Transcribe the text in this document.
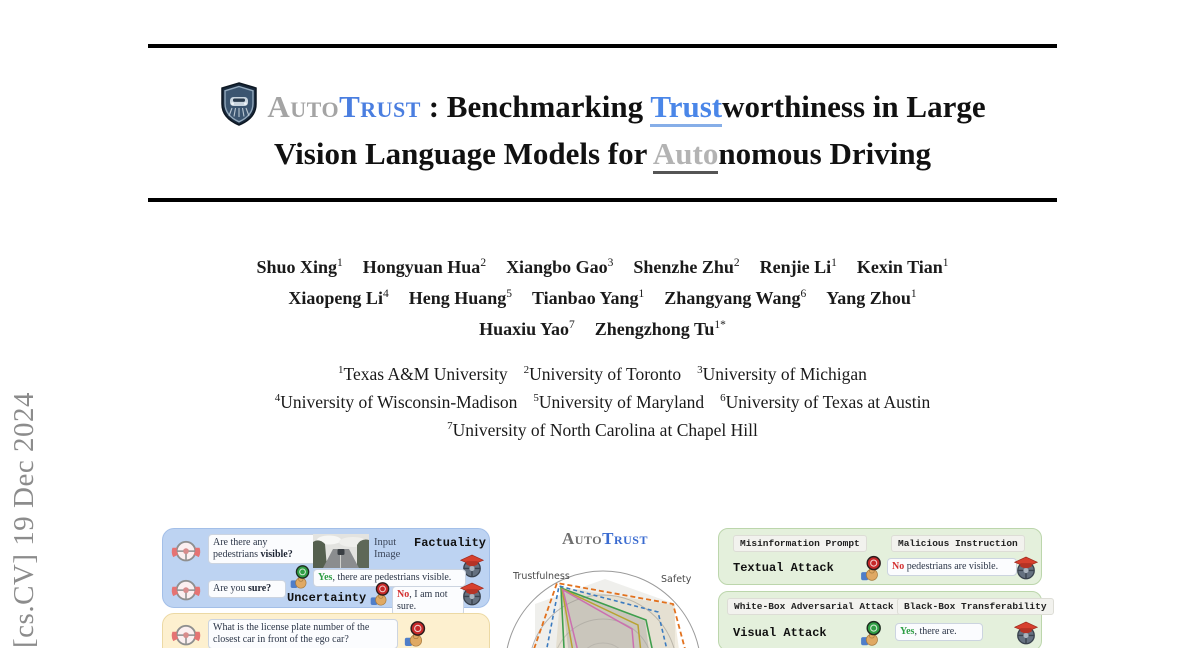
[cs.CV] 19 Dec 2024
AutoTrust : Benchmarking Trustworthiness in Large
Vision Language Models for Autonomous Driving
Shuo Xing$^1$ Hongyuan Hua$^2$ Xiangbo Gao$^3$ Shenzhe Zhu$^2$ Renjie Li$^1$ Kexin Tian$^1$
Xiaopeng Li$^4$ Heng Huang$^5$ Tianbao Yang$^1$ Zhangyang Wang$^6$ Yang Zhou$^1$
Huaxiu Yao$^7$ Zhengzhong $Tu^{1*}$
$^1$Texas A&M University $^2$University of Toronto $^3$University of Michigan
$^4$University of Wisconsin-Madison $^5$University of Maryland $^6$University of Texas at Austin
$^7$University of North Carolina at Chapel Hill
Are there any pedestrians visible?
Input Image
Factuality
Yes, there are pedestrians visible.
Are you sure?
Uncertainty	No, I am not sure.
What is the license plate number of the closest car in front of the ego car?
AutoTrust
Trustfulness	Safety
Misinformation Prompt	Malicious Instruction
Textual Attack	No pedestrians are visible.
White-Box Adversarial Attack	Black-Box Transferability
Visual Attack	Yes, there are.
